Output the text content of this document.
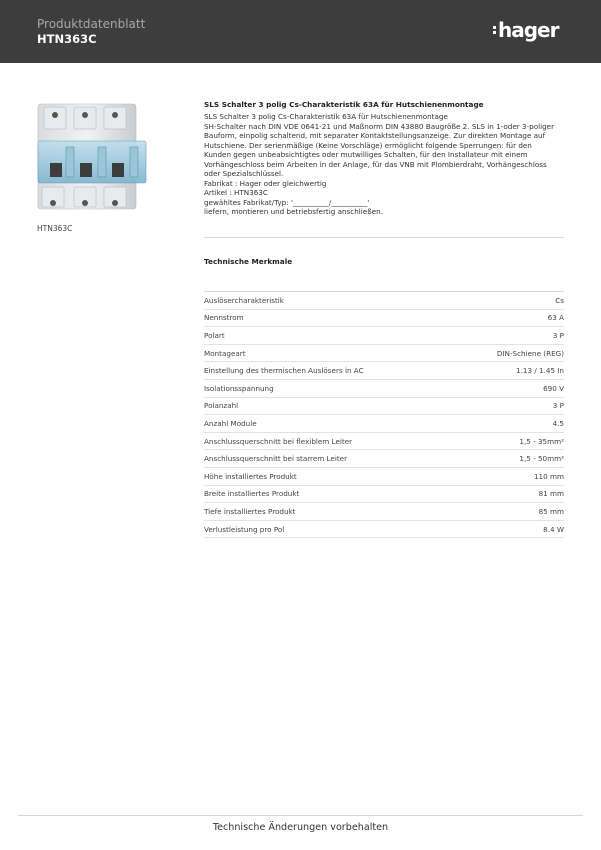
Produktdatenblatt
HTN363C	hager
HTN363C
SLS Schalter 3 polig Cs-Charakteristik 63A für Hutschienenmontage
SLS Schalter 3 polig Cs-Charakteristik 63A für Hutschienenmontage
SH-Schalter nach DIN VDE 0641-21 und Maßnorm DIN 43880 Baugröße 2. SLS in 1-oder 3-poliger
Bauform, einpolig schaltend, mit separater Kontaktstellungsanzeige. Zur direkten Montage auf
Hutschiene. Der serienmäßige (Keine Vorschläge) ermöglicht folgende Sperrungen: für den
Kunden gegen unbeabsichtigtes oder mutwilliges Schalten, für den Installateur mit einem
Vorhängeschloss beim Arbeiten in der Anlage, für das VNB mit Plombierdraht, Vorhängeschloss
oder Spezialschlüssel.
Fabrikat : Hager oder gleichwertig
Artikel : HTN363C
gewähltes Fabrikat/Typ: '__________/__________'
liefern, montieren und betriebsfertig anschließen.
Technische Merkmale
Auslösercharakteristik	Cs
Nennstrom	63 A
Polart	3 P
Montageart	DIN-Schiene (REG)
Einstellung des thermischen Auslösers in AC	1.13 / 1.45 In
Isolationsspannung	690 V
Polanzahl	3 P
Anzahl Module	4.5
Anschlussquerschnitt bei flexiblem Leiter	1,5 - 35mm²
Anschlussquerschnitt bei starrem Leiter	1,5 - 50mm²
Höhe installiertes Produkt	110 mm
Breite installiertes Produkt	81 mm
Tiefe installiertes Produkt	85 mm
Verlustleistung pro Pol	8.4 W
Technische Änderungen vorbehalten
